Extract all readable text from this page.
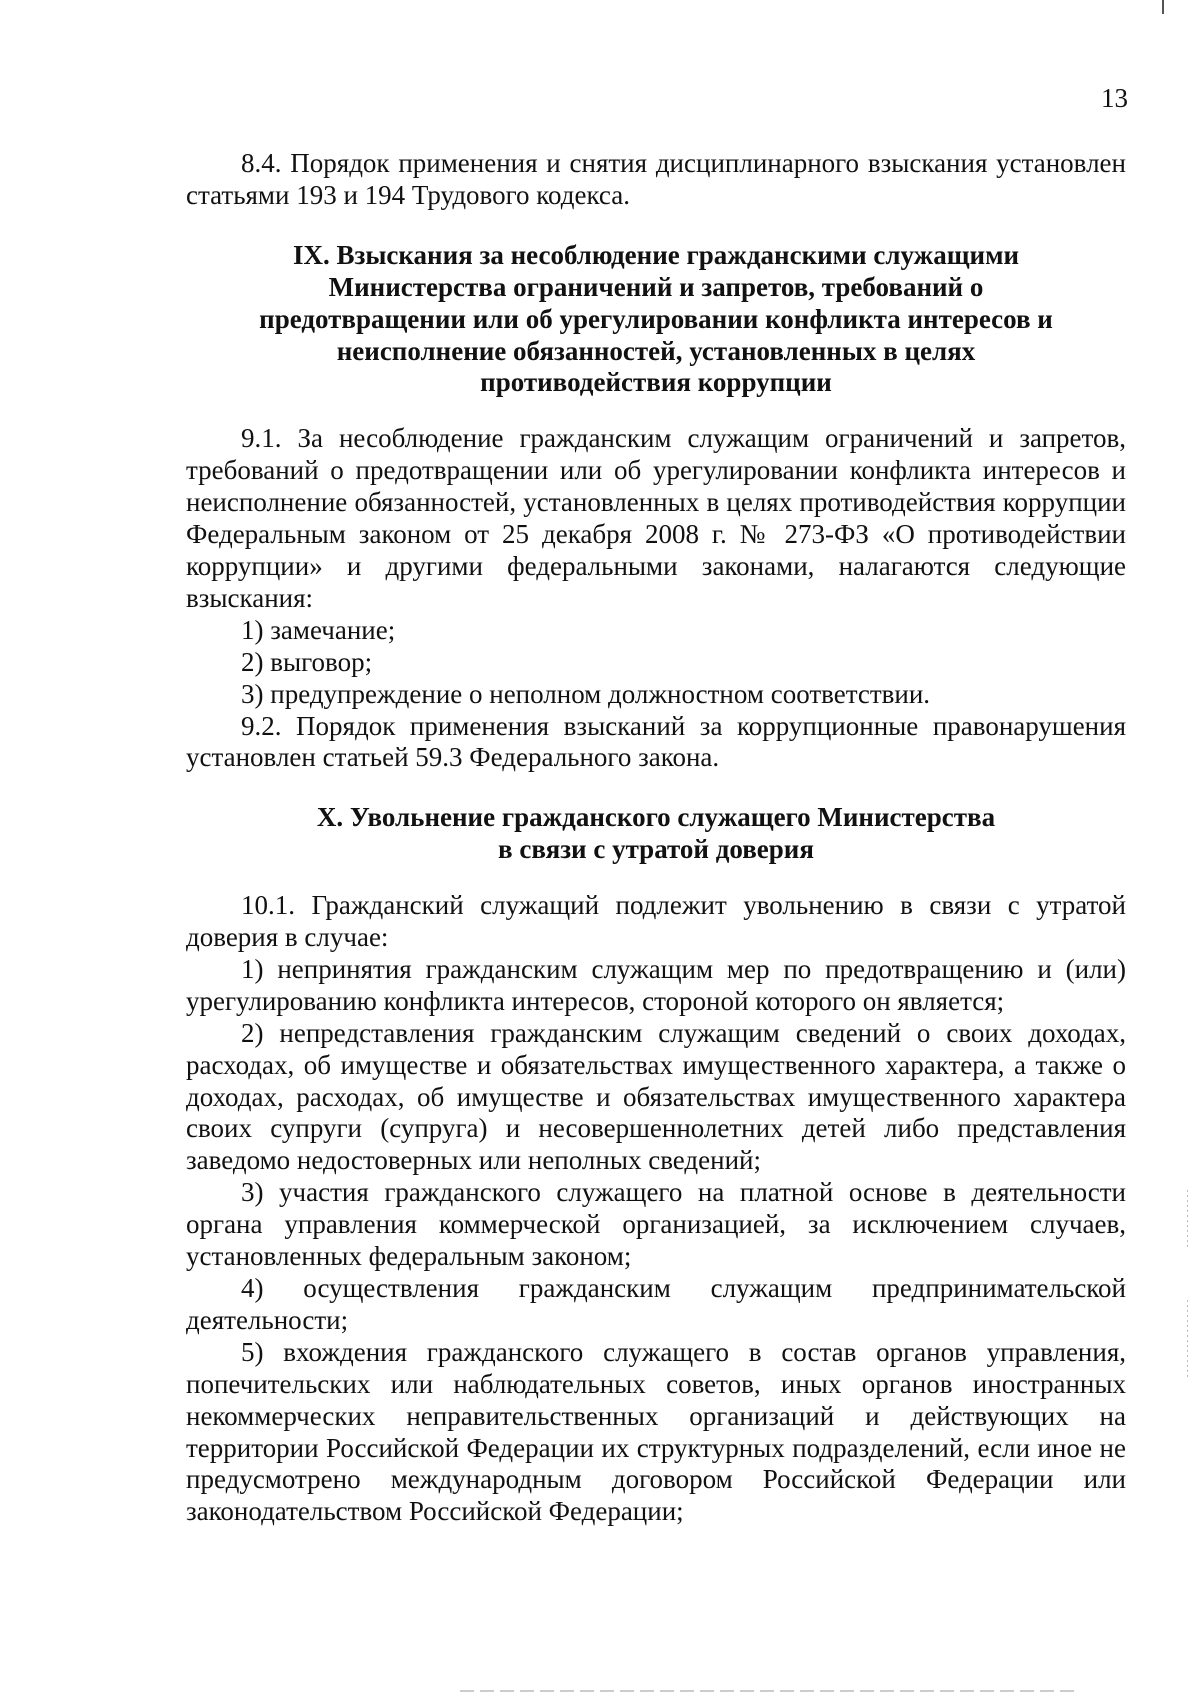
13

8.4. Порядок применения и снятия дисциплинарного взыскания установлен статьями 193 и 194 Трудового кодекса.

IX. Взыскания за несоблюдение гражданскими служащими Министерства ограничений и запретов, требований о предотвращении или об урегулировании конфликта интересов и неисполнение обязанностей, установленных в целях противодействия коррупции

9.1. За несоблюдение гражданским служащим ограничений и запретов, требований о предотвращении или об урегулировании конфликта интересов и неисполнение обязанностей, установленных в целях противодействия коррупции Федеральным законом от 25 декабря 2008 г. № 273-ФЗ «О противодействии коррупции» и другими федеральными законами, налагаются следующие взыскания:

1) замечание;

2) выговор;

3) предупреждение о неполном должностном соответствии.

9.2. Порядок применения взысканий за коррупционные правонарушения установлен статьей 59.3 Федерального закона.

X. Увольнение гражданского служащего Министерства
в связи с утратой доверия

10.1. Гражданский служащий подлежит увольнению в связи с утратой доверия в случае:

1) непринятия гражданским служащим мер по предотвращению и (или) урегулированию конфликта интересов, стороной которого он является;

2) непредставления гражданским служащим сведений о своих доходах, расходах, об имуществе и обязательствах имущественного характера, а также о доходах, расходах, об имуществе и обязательствах имущественного характера своих супруги (супруга) и несовершеннолетних детей либо представления заведомо недостоверных или неполных сведений;

3) участия гражданского служащего на платной основе в деятельности органа управления коммерческой организацией, за исключением случаев, установленных федеральным законом;

4) осуществления гражданским служащим предпринимательской деятельности;

5) вхождения гражданского служащего в состав органов управления, попечительских или наблюдательных советов, иных органов иностранных некоммерческих неправительственных организаций и действующих на территории Российской Федерации их структурных подразделений, если иное не предусмотрено международным договором Российской Федерации или законодательством Российской Федерации;
